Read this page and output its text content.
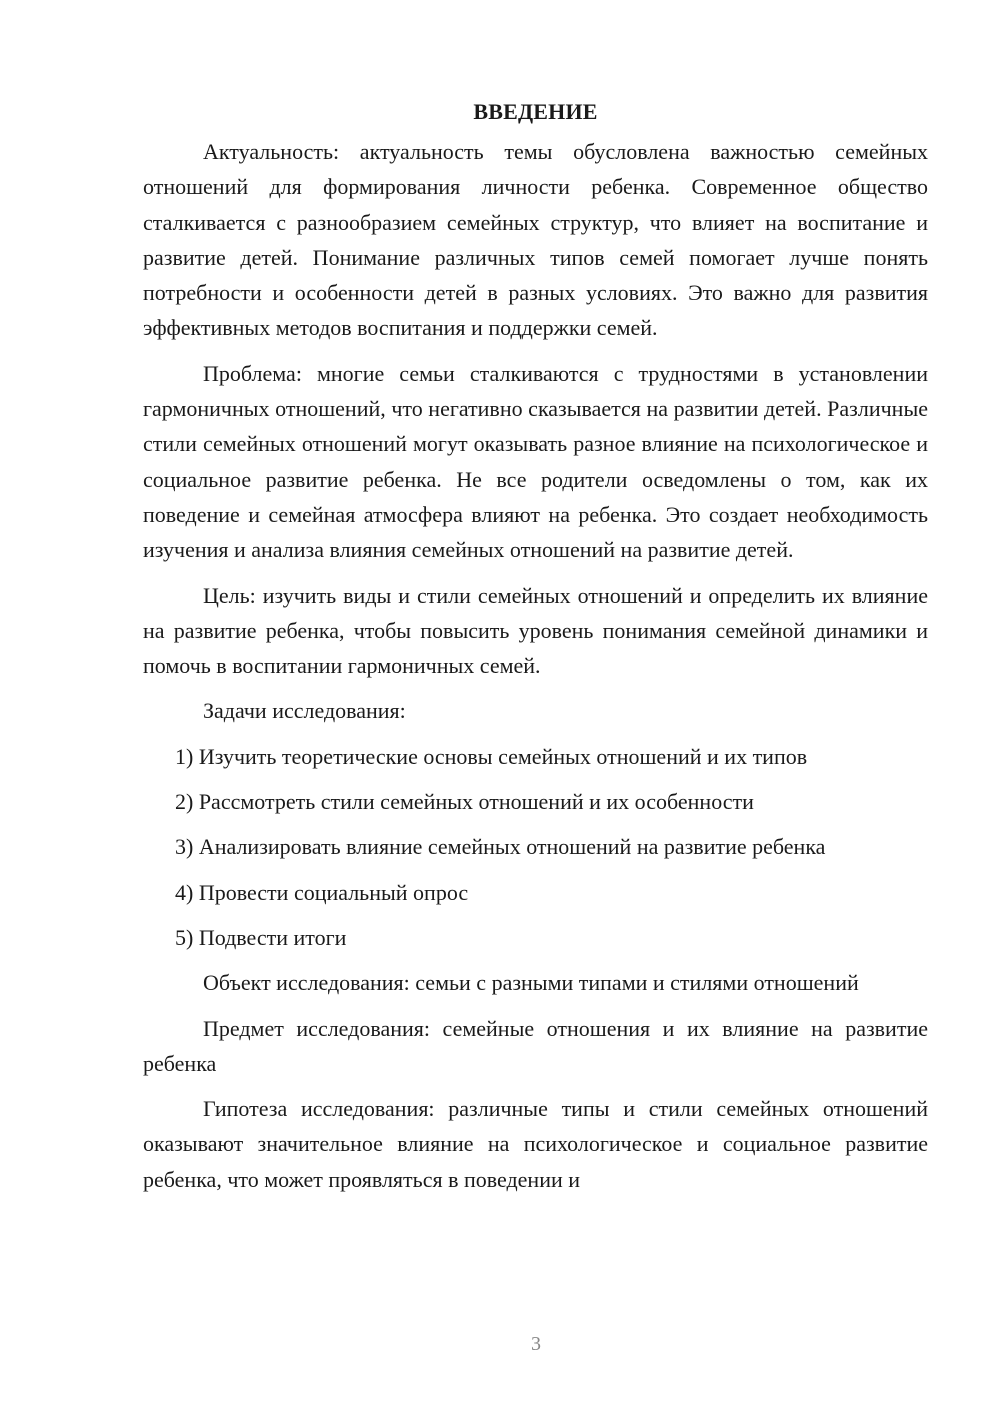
ВВЕДЕНИЕ

Актуальность: актуальность темы обусловлена важностью семейных отношений для формирования личности ребенка. Современное общество сталкивается с разнообразием семейных структур, что влияет на воспитание и развитие детей. Понимание различных типов семей помогает лучше понять потребности и особенности детей в разных условиях. Это важно для развития эффективных методов воспитания и поддержки семей.

Проблема: многие семьи сталкиваются с трудностями в установлении гармоничных отношений, что негативно сказывается на развитии детей. Различные стили семейных отношений могут оказывать разное влияние на психологическое и социальное развитие ребенка. Не все родители осведомлены о том, как их поведение и семейная атмосфера влияют на ребенка. Это создает необходимость изучения и анализа влияния семейных отношений на развитие детей.

Цель: изучить виды и стили семейных отношений и определить их влияние на развитие ребенка, чтобы повысить уровень понимания семейной динамики и помочь в воспитании гармоничных семей.

Задачи исследования:

1) Изучить теоретические основы семейных отношений и их типов
2) Рассмотреть стили семейных отношений и их особенности
3) Анализировать влияние семейных отношений на развитие ребенка
4) Провести социальный опрос
5) Подвести итоги

Объект исследования: семьи с разными типами и стилями отношений

Предмет исследования: семейные отношения и их влияние на развитие ребенка

Гипотеза исследования: различные типы и стили семейных отношений оказывают значительное влияние на психологическое и социальное развитие ребенка, что может проявляться в поведении и

3
